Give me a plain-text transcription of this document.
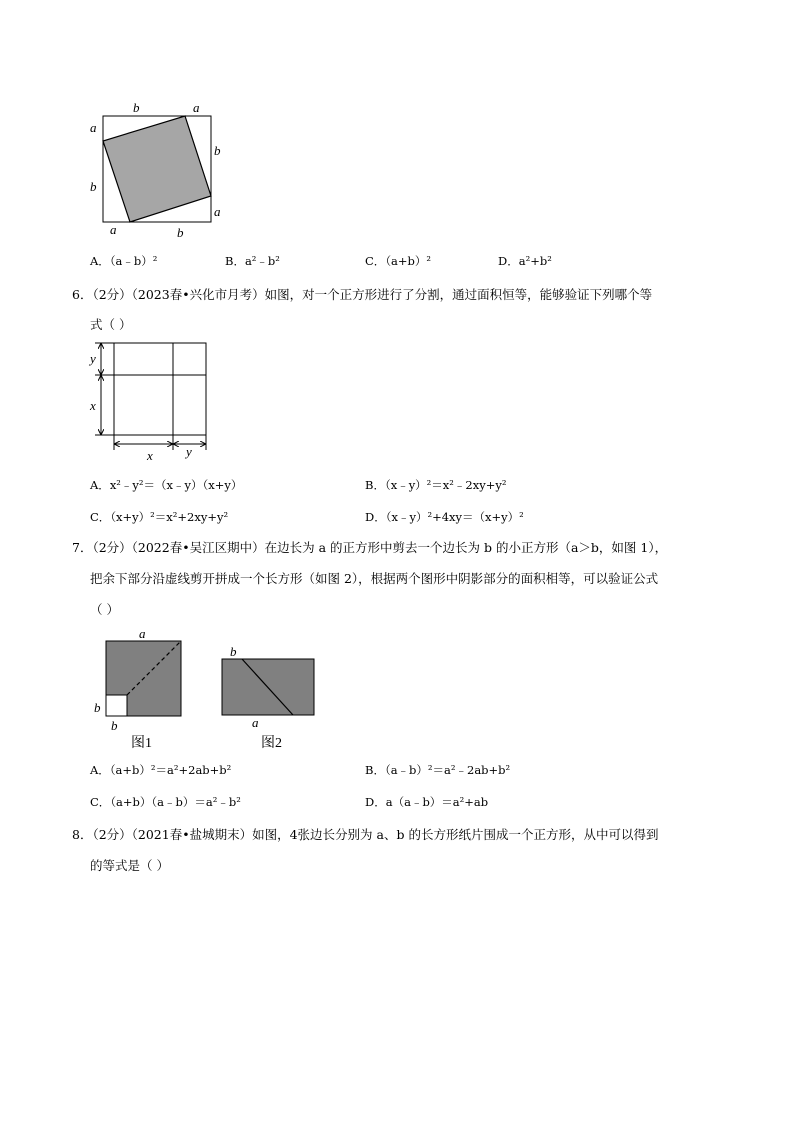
b	a
a
b
b
a
a	b
A．（a﹣b）²	B．a²﹣b²	C．（a+b）²	D．a²+b²
6．（2分）（2023春•兴化市月考）如图，对一个正方形进行了分割，通过面积恒等，能够验证下列哪个等
式（ ）
y
x
x	y
A．x²﹣y²＝（x﹣y）（x+y）	B．（x﹣y）²＝x²﹣2xy+y²
C．（x+y）²＝x²+2xy+y²	D．（x﹣y）²+4xy＝（x+y）²
7．（2分）（2022春•吴江区期中）在边长为 a 的正方形中剪去一个边长为 b 的小正方形（a＞b，如图 1），
把余下部分沿虚线剪开拼成一个长方形（如图 2），根据两个图形中阴影部分的面积相等，可以验证公式
（ ）
a
b
b
图1
b
a
图2
A．（a+b）²＝a²+2ab+b²	B．（a﹣b）²＝a²﹣2ab+b²
C．（a+b）（a﹣b）＝a²﹣b²	D．a（a﹣b）＝a²+ab
8．（2分）（2021春•盐城期末）如图，4张边长分别为 a、b 的长方形纸片围成一个正方形，从中可以得到
的等式是（ ）
